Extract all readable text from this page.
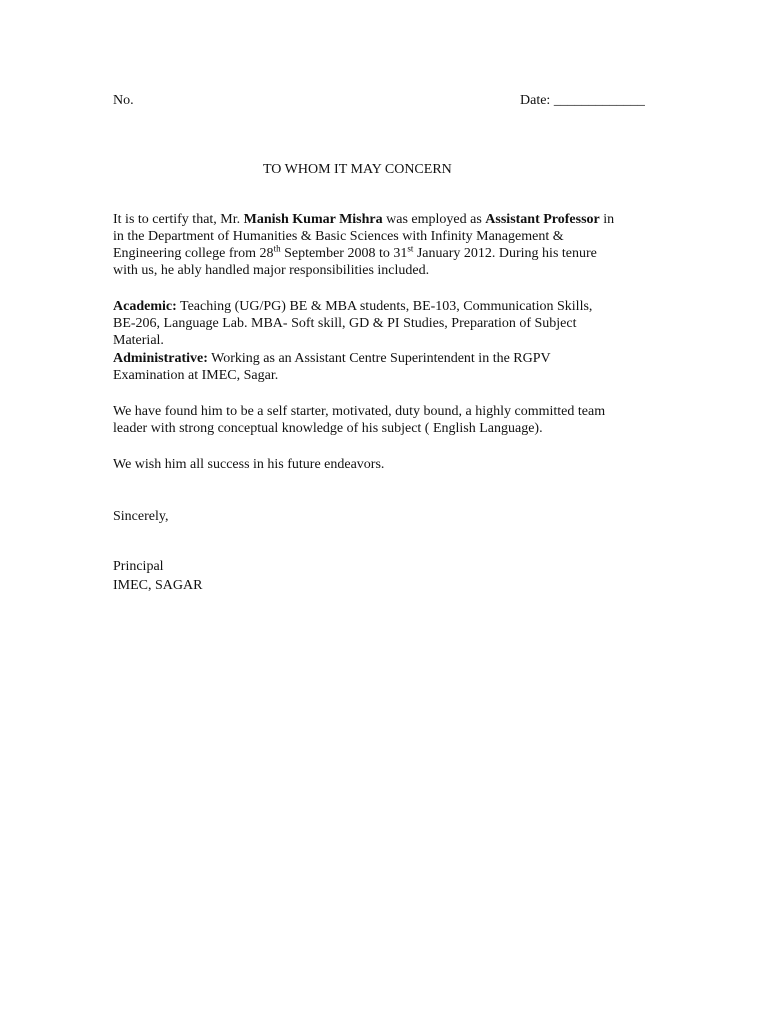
No.	Date: _____________
TO WHOM IT MAY CONCERN
It is to certify that, Mr. Manish Kumar Mishra was employed as Assistant Professor in
in the Department of Humanities & Basic Sciences with Infinity Management &
Engineering college from 28th September 2008 to 31st January 2012. During his tenure
with us, he ably handled major responsibilities included.
Academic: Teaching (UG/PG) BE & MBA students, BE-103, Communication Skills,
BE-206, Language Lab. MBA- Soft skill, GD & PI Studies, Preparation of Subject
Material.
Administrative: Working as an Assistant Centre Superintendent in the RGPV
Examination at IMEC, Sagar.
We have found him to be a self starter, motivated, duty bound, a highly committed team
leader with strong conceptual knowledge of his subject ( English Language).
We wish him all success in his future endeavors.
Sincerely,
Principal
IMEC, SAGAR
